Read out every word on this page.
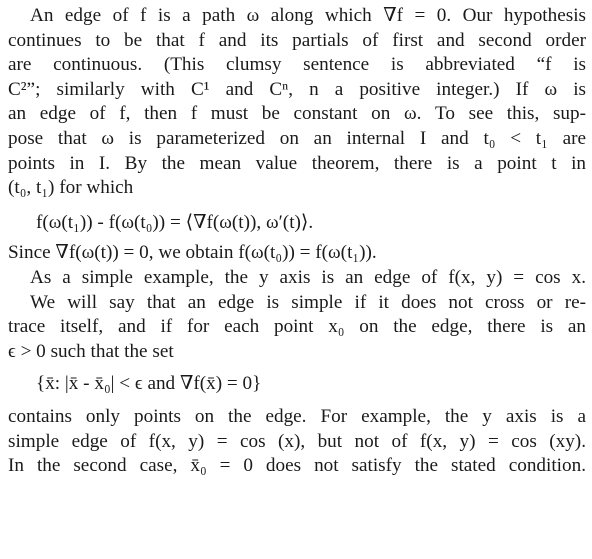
An edge of f is a path ω along which ∇f = 0. Our hypothesis
continues to be that f and its partials of first and second order
are continuous. (This clumsy sentence is abbreviated “f is
C²”; similarly with C¹ and Cⁿ, n a positive integer.) If ω is
an edge of f, then f must be constant on ω. To see this, sup-
pose that ω is parameterized on an internal I and t₀ < t₁ are
points in I. By the mean value theorem, there is a point t in
(t₀, t₁) for which
f(ω(t₁)) - f(ω(t₀)) = ⟨∇f(ω(t)), ω′(t)⟩.
Since ∇f(ω(t)) = 0, we obtain f(ω(t₀)) = f(ω(t₁)).
As a simple example, the y axis is an edge of f(x, y) = cos x.
We will say that an edge is simple if it does not cross or re-
trace itself, and if for each point x₀ on the edge, there is an
ϵ > 0 such that the set
{x̄: |x̄ - x̄₀| < ϵ and ∇f(x̄) = 0}
contains only points on the edge. For example, the y axis is a
simple edge of f(x, y) = cos (x), but not of f(x, y) = cos (xy).
In the second case, x̄₀ = 0 does not satisfy the stated condition.
